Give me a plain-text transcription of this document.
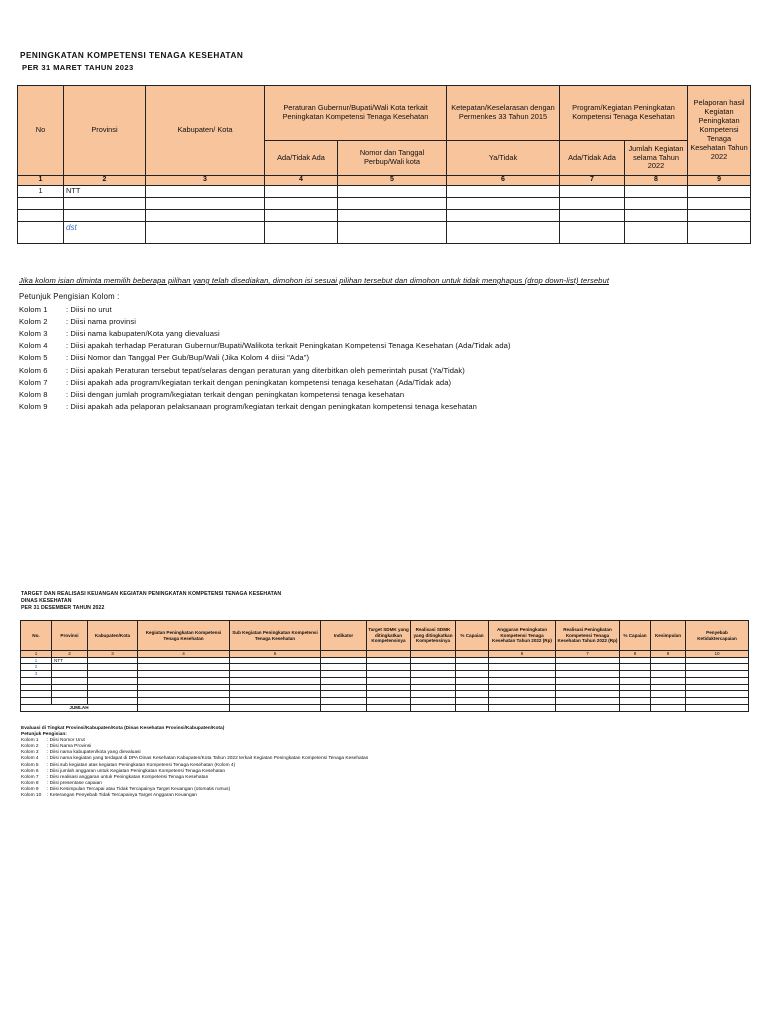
PENINGKATAN KOMPETENSI TENAGA KESEHATAN
PER 31 MARET TAHUN 2023
No	Provinsi	Kabupaten/ Kota	Peraturan Gubernur/Bupati/Wali Kota terkait Peningkatan Kompetensi Tenaga Kesehatan		Ketepatan/Keselarasan dengan Permenkes 33 Tahun 2015	Program/Kegiatan Peningkatan Kompetensi Tenaga Kesehatan		Pelaporan hasil Kegiatan Peningkatan Kompetensi Tenaga Kesehatan Tahun 2022
			Ada/Tidak Ada	Nomor dan Tanggal Perbup/Wali kota	Ya/Tidak	Ada/Tidak Ada	Jumlah Kegiatan selama Tahun 2022	
1	2	3	4	5	6	7	8	9
1	NTT							

	dst							
Jika kolom isian diminta memilih beberapa pilihan yang telah disediakan, dimohon isi sesuai pilihan tersebut dan dimohon untuk tidak menghapus (drop down-list) tersebut
Petunjuk Pengisian Kolom :
Kolom 1	: Diisi no urut
Kolom 2	: Diisi nama provinsi
Kolom 3	: Diisi nama kabupaten/Kota yang dievaluasi
Kolom 4	: Diisi apakah terhadap Peraturan Gubernur/Bupati/Walikota terkait Peningkatan Kompetensi Tenaga Kesehatan (Ada/Tidak ada)
Kolom 5	: Diisi Nomor dan Tanggal Per Gub/Bup/Wali (Jika Kolom 4 diisi "Ada")
Kolom 6	: Diisi apakah Peraturan tersebut tepat/selaras dengan peraturan yang diterbitkan oleh pemerintah pusat (Ya/Tidak)
Kolom 7	: Diisi apakah ada program/kegiatan terkait dengan peningkatan kompetensi tenaga kesehatan (Ada/Tidak ada)
Kolom 8	: Diisi dengan jumlah program/kegiatan terkait dengan peningkatan kompetensi tenaga kesehatan
Kolom 9	: Diisi apakah ada pelaporan pelaksanaan program/kegiatan terkait dengan peningkatan kompetensi tenaga kesehatan
TARGET DAN REALISASI KEUANGAN KEGIATAN PENINGKATAN KOMPETENSI TENAGA KESEHATAN
DINAS KESEHATAN
PER 31 DESEMBER TAHUN 2022
No.	Provinsi	Kabupaten/Kota	Kegiatan Peningkatan Kompetensi Tenaga Kesehatan	Sub Kegiatan Peningkatan Kompetensi Tenaga Kesehatan	Indikator	Target SDMK yang ditingkatkan Kompetensinya	Realisasi SDMK yang ditingkatkan Kompetensinya	% Capaian	Anggaran Peningkatan Kompetensi Tenaga Kesehatan Tahun 2022 (Rp)	Realisasi Peningkatan Kompetensi Tenaga Kesehatan Tahun 2022 (Rp)	% Capaian	Kesimpulan	Penyebab Ketidaktercapaian
1	2	3	4	5					6	7	8	9	10
1	NTT												
2													
3													

JUMLAH													
Evaluasi di Tingkat Provinsi/Kabupaten/Kota (Dinas Kesehatan Provinsi/Kabupaten/Kota)
Petunjuk Pengisian:
Kolom 1 : Diisi Nomor Urut
Kolom 2 : Diisi Nama Provinsi
Kolom 3 : Diisi nama kabupaten/kota yang dievaluasi
Kolom 4 : Diisi nama kegiatan yang terdapat di DPA Dinas Kesehatan Kabupaten/Kota Tahun 2022 terkait Kegiatan Peningkatan Kompetensi Tenaga Kesehatan
Kolom 5 : Diisi sub kegiatan atas kegiatan Peningkatan Kompetensi Tenaga Kesehatan (Kolom 4)
Kolom 6 : Diisi jumlah anggaran untuk Kegiatan Peningkatan Kompetensi Tenaga Kesehatan
Kolom 7 : Diisi realisasi anggaran untuk Peningkatan Kompetensi Tenaga Kesehatan
Kolom 8 : Diisi presentase capaian
Kolom 9 : Diisi Kesimpulan Tercapai atau Tidak Tercapainya Target Keuangan (otomatis rumus)
Kolom 10 : Keterangan Penyebab Tidak Tercapainya Target Anggaran Keuangan
